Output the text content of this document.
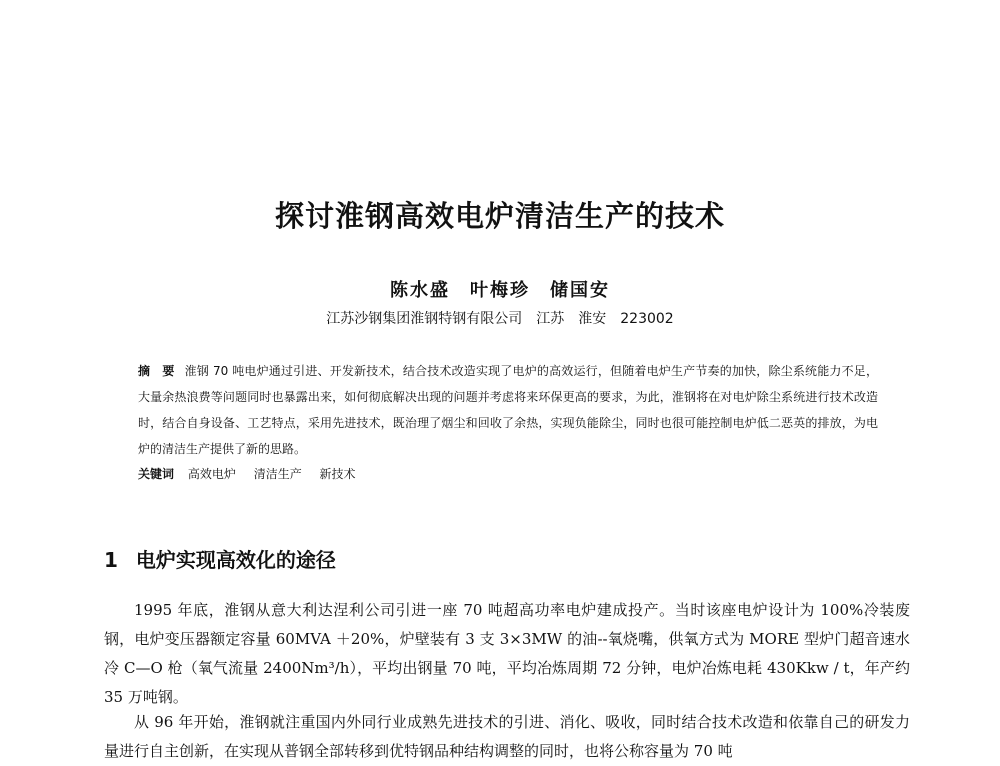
探讨淮钢高效电炉清洁生产的技术
陈水盛　叶梅珍　储国安
江苏沙钢集团淮钢特钢有限公司　江苏　淮安　223002
摘　要 淮钢 70 吨电炉通过引进、开发新技术，结合技术改造实现了电炉的高效运行，但随着电炉生产节奏的加快，除尘系统能力不足，大量余热浪费等问题同时也暴露出来，如何彻底解决出现的问题并考虑将来环保更高的要求，为此，淮钢将在对电炉除尘系统进行技术改造时，结合自身设备、工艺特点，采用先进技术，既治理了烟尘和回收了余热，实现负能除尘，同时也很可能控制电炉低二恶英的排放，为电炉的清洁生产提供了新的思路。
关键词 高效电炉 清洁生产 新技术
1 电炉实现高效化的途径

1995 年底，淮钢从意大利达涅利公司引进一座 70 吨超高功率电炉建成投产。当时该座电炉设计为 100%冷装废钢，电炉变压器额定容量 60MVA ＋20%，炉壁装有 3 支 3×3MW 的油--氧烧嘴，供氧方式为 MORE 型炉门超音速水冷 C—O 枪（氧气流量 2400Nm³/h），平均出钢量 70 吨，平均冶炼周期 72 分钟，电炉冶炼电耗 430Kkw / t，年产约 35 万吨钢。

从 96 年开始，淮钢就注重国内外同行业成熟先进技术的引进、消化、吸收，同时结合技术改造和依靠自己的研发力量进行自主创新，在实现从普钢全部转移到优特钢品种结构调整的同时，也将公称容量为 70 吨
